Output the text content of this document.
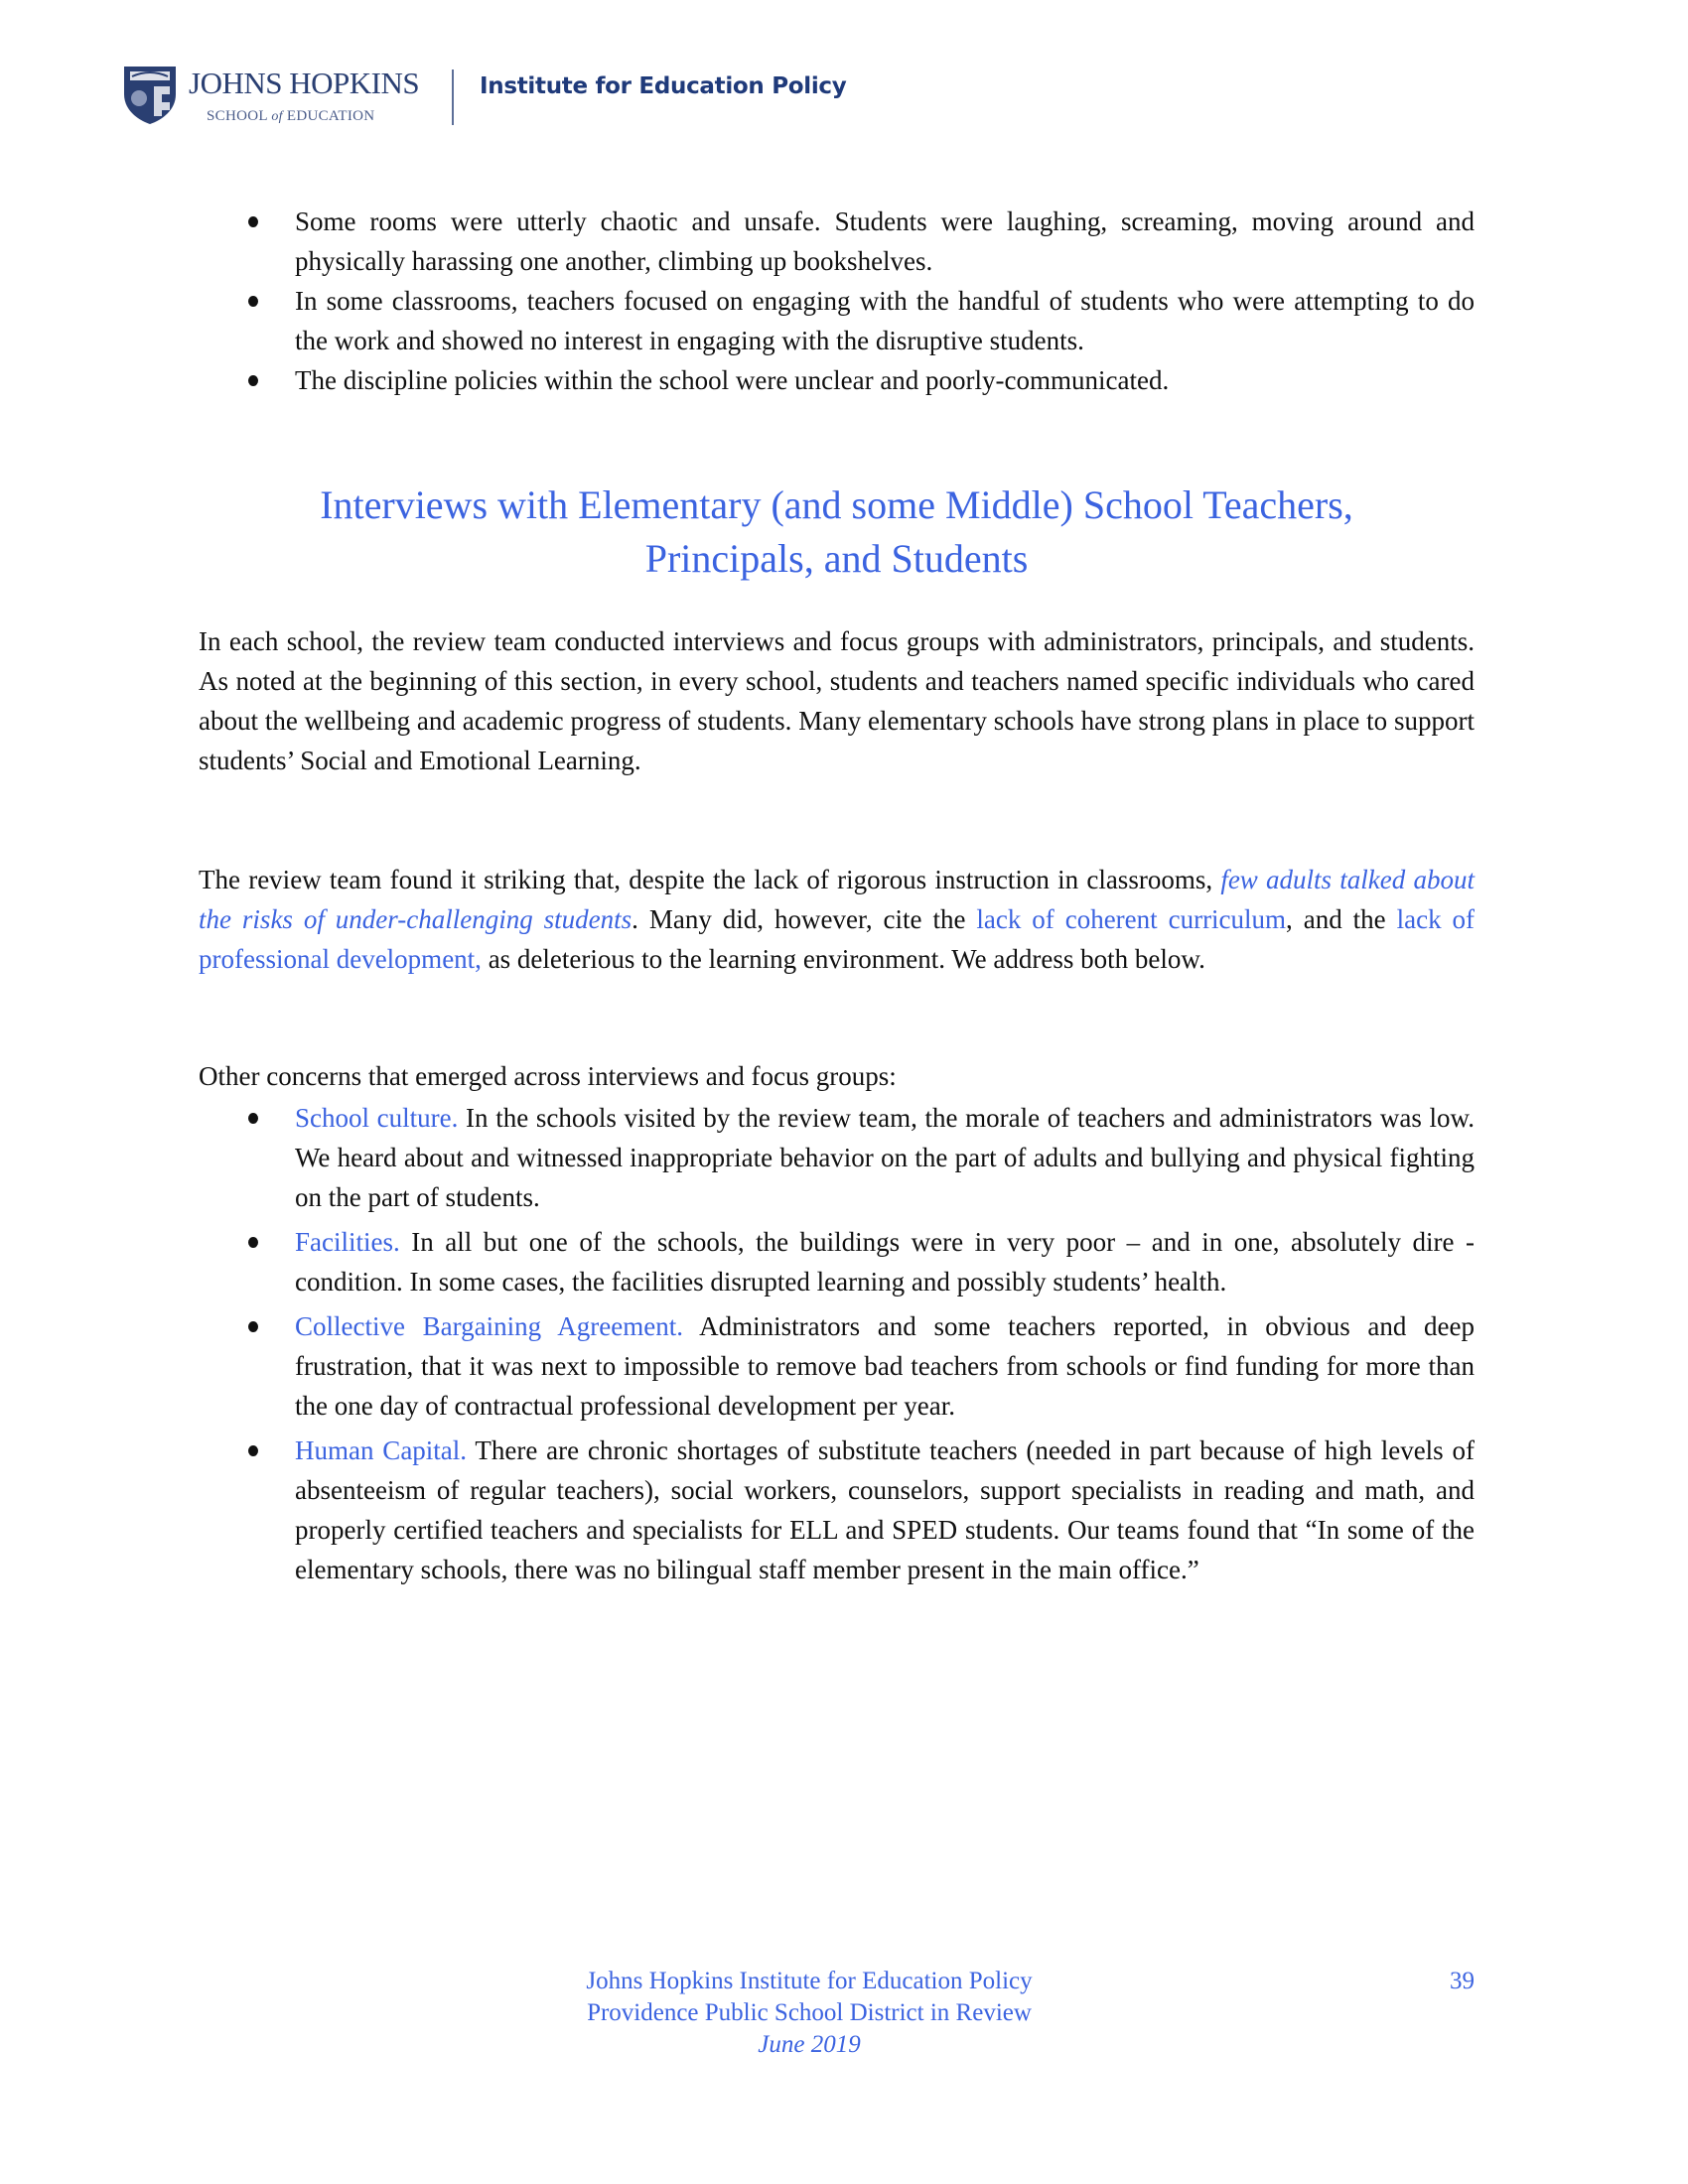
JOHNS HOPKINS
SCHOOL of EDUCATION
Institute for Education Policy
Some rooms were utterly chaotic and unsafe. Students were laughing, screaming, moving around and physically harassing one another, climbing up bookshelves.
In some classrooms, teachers focused on engaging with the handful of students who were attempting to do the work and showed no interest in engaging with the disruptive students.
The discipline policies within the school were unclear and poorly-communicated.
Interviews with Elementary (and some Middle) School Teachers,
Principals, and Students

In each school, the review team conducted interviews and focus groups with administrators, principals, and students. As noted at the beginning of this section, in every school, students and teachers named specific individuals who cared about the wellbeing and academic progress of students. Many elementary schools have strong plans in place to support students’ Social and Emotional Learning.

The review team found it striking that, despite the lack of rigorous instruction in classrooms, few adults talked about the risks of under-challenging students. Many did, however, cite the lack of coherent curriculum, and the lack of professional development, as deleterious to the learning environment. We address both below.

Other concerns that emerged across interviews and focus groups:

School culture. In the schools visited by the review team, the morale of teachers and administrators was low. We heard about and witnessed inappropriate behavior on the part of adults and bullying and physical fighting on the part of students.
Facilities. In all but one of the schools, the buildings were in very poor – and in one, absolutely dire - condition. In some cases, the facilities disrupted learning and possibly students’ health.
Collective Bargaining Agreement. Administrators and some teachers reported, in obvious and deep frustration, that it was next to impossible to remove bad teachers from schools or find funding for more than the one day of contractual professional development per year.
Human Capital. There are chronic shortages of substitute teachers (needed in part because of high levels of absenteeism of regular teachers), social workers, counselors, support specialists in reading and math, and properly certified teachers and specialists for ELL and SPED students. Our teams found that “In some of the elementary schools, there was no bilingual staff member present in the main office.”
Johns Hopkins Institute for Education Policy
Providence Public School District in Review
June 2019
39
